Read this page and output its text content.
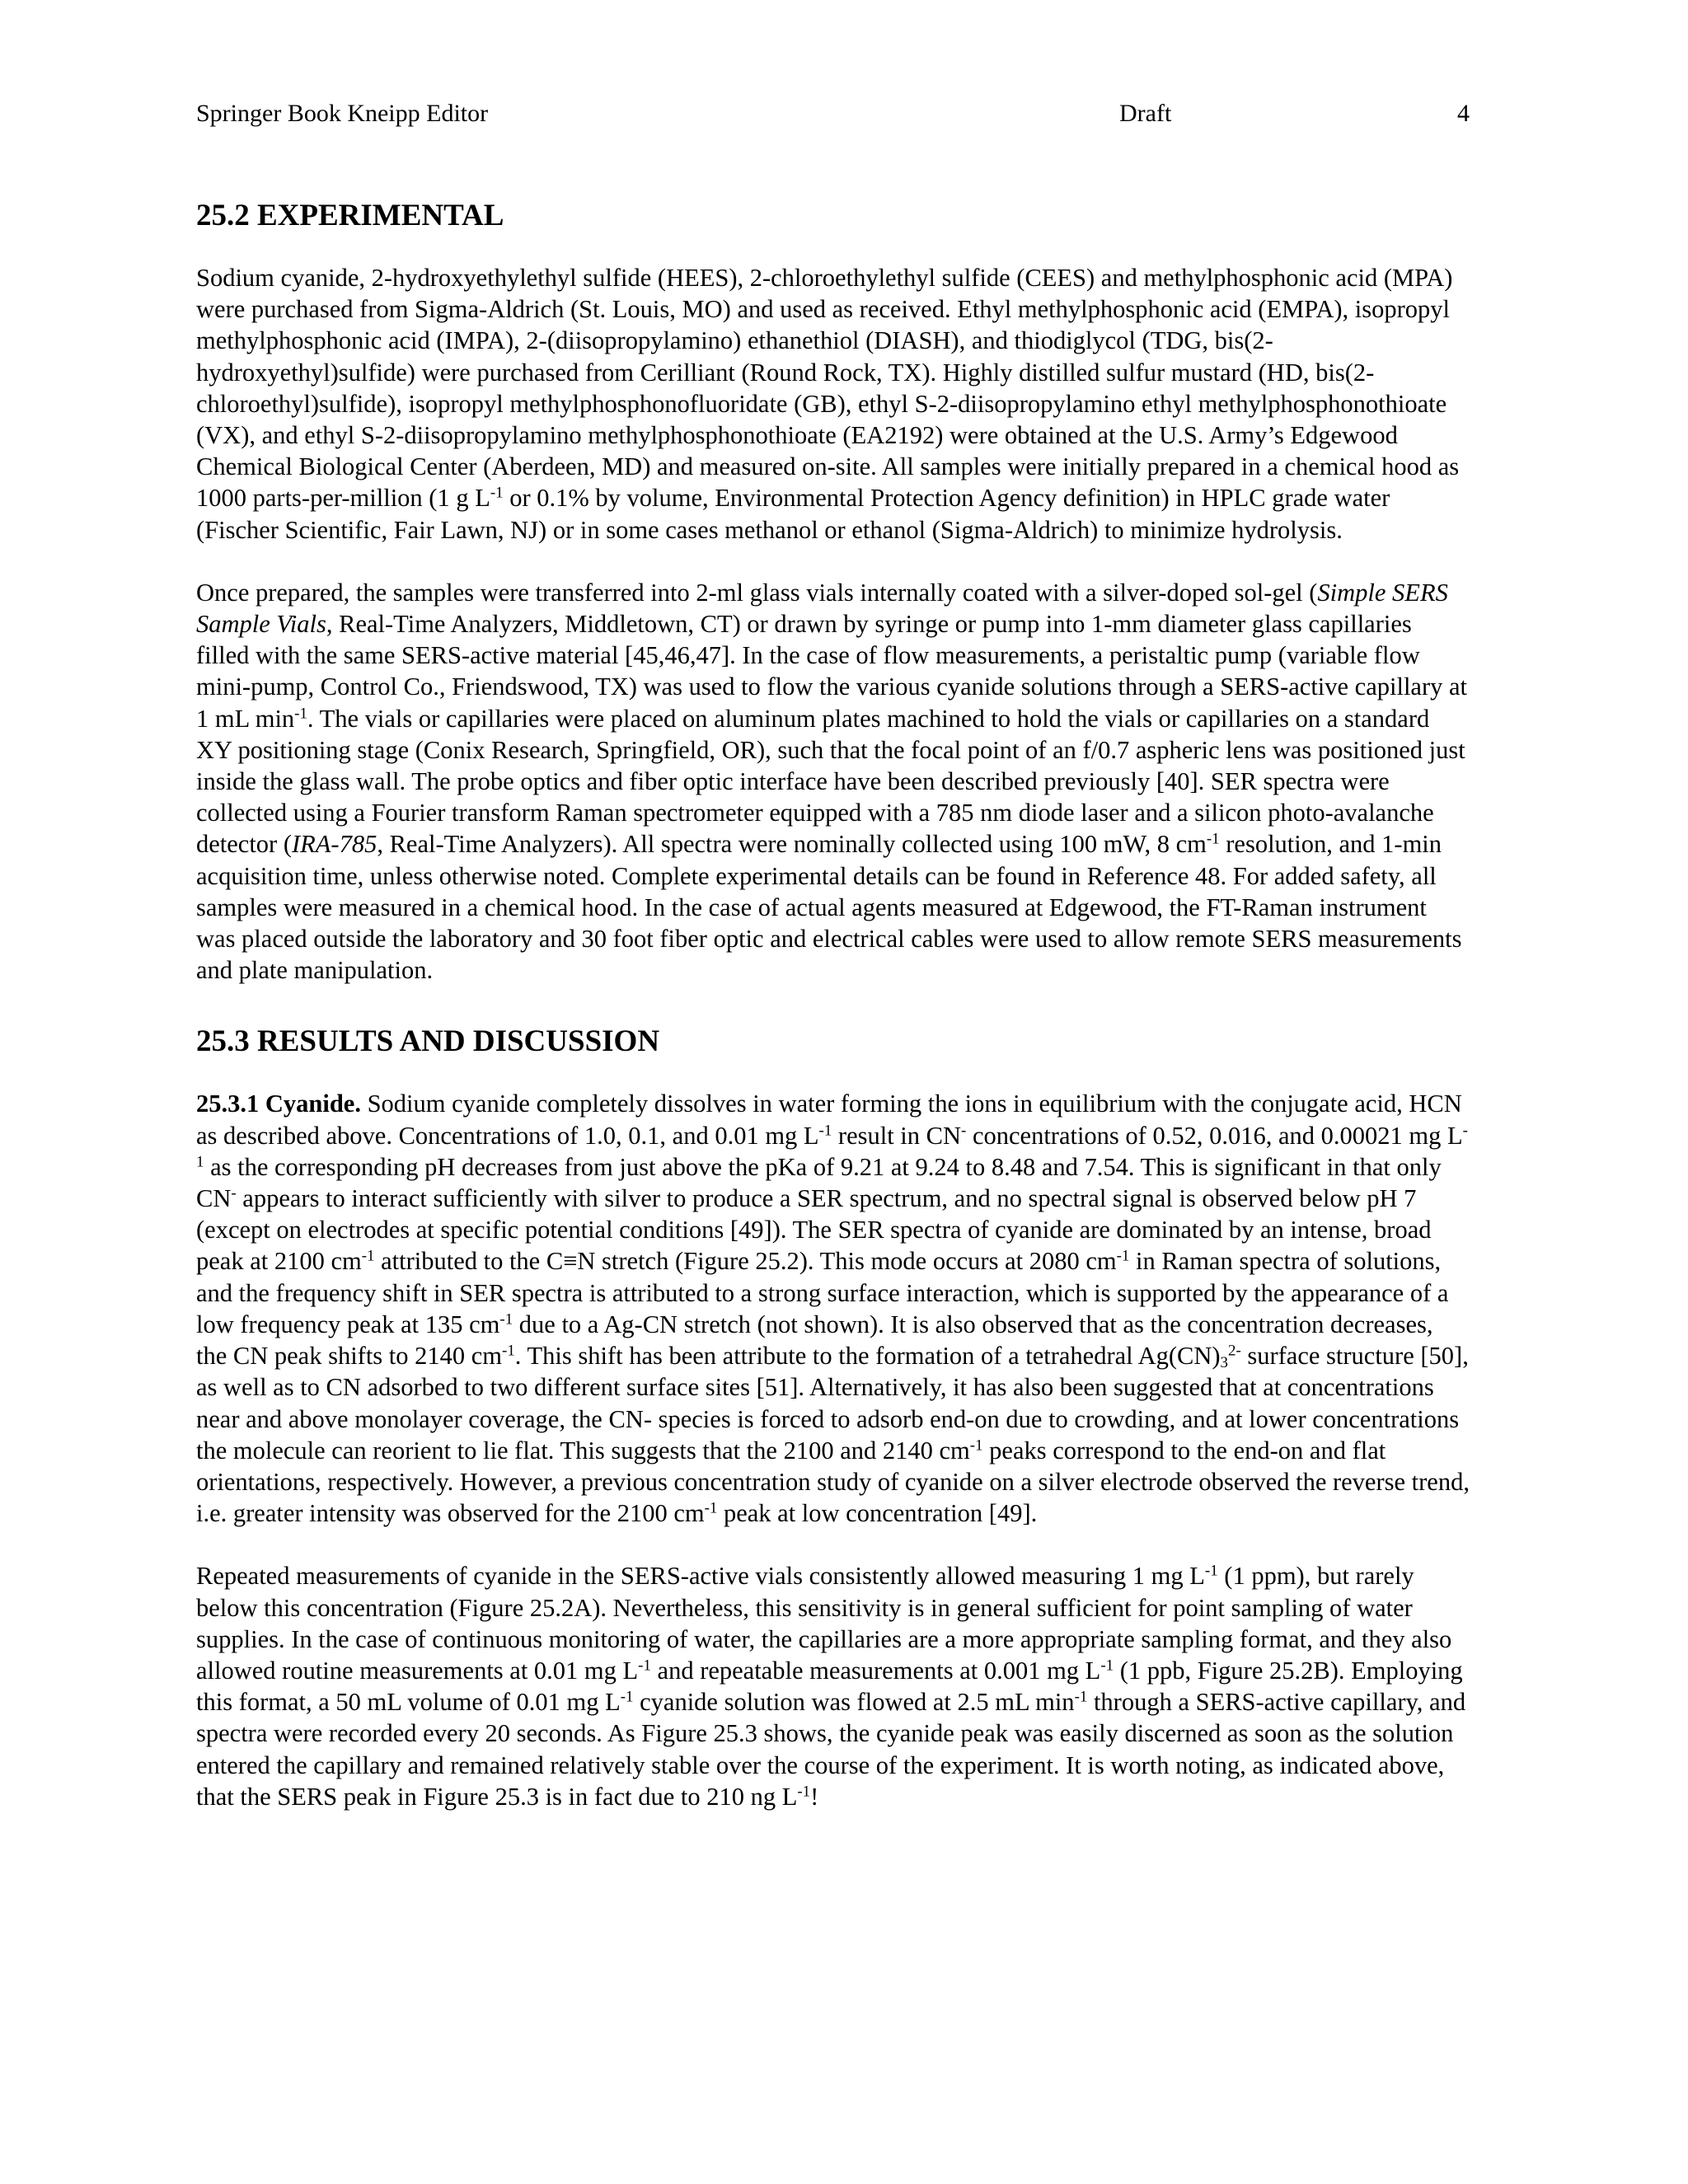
Springer Book Kneipp Editor	Draft	4
25.2 EXPERIMENTAL

Sodium cyanide, 2-hydroxyethylethyl sulfide (HEES), 2-chloroethylethyl sulfide (CEES) and methylphosphonic acid (MPA) were purchased from Sigma-Aldrich (St. Louis, MO) and used as received. Ethyl methylphosphonic acid (EMPA), isopropyl methylphosphonic acid (IMPA), 2-(diisopropylamino) ethanethiol (DIASH), and thiodiglycol (TDG, bis(2-hydroxyethyl)sulfide) were purchased from Cerilliant (Round Rock, TX). Highly distilled sulfur mustard (HD, bis(2-chloroethyl)sulfide), isopropyl methylphosphonofluoridate (GB), ethyl S-2-diisopropylamino ethyl methylphosphonothioate (VX), and ethyl S-2-diisopropylamino methylphosphonothioate (EA2192) were obtained at the U.S. Army’s Edgewood Chemical Biological Center (Aberdeen, MD) and measured on-site. All samples were initially prepared in a chemical hood as 1000 parts-per-million (1 g $L^{-1}$ or 0.1% by volume, Environmental Protection Agency definition) in HPLC grade water (Fischer Scientific, Fair Lawn, NJ) or in some cases methanol or ethanol (Sigma-Aldrich) to minimize hydrolysis.

Once prepared, the samples were transferred into 2-ml glass vials internally coated with a silver-doped sol-gel (Simple SERS Sample Vials, Real-Time Analyzers, Middletown, CT) or drawn by syringe or pump into 1-mm diameter glass capillaries filled with the same SERS-active material [45,46,47]. In the case of flow measurements, a peristaltic pump (variable flow mini-pump, Control Co., Friendswood, TX) was used to flow the various cyanide solutions through a SERS-active capillary at 1 mL $\min^{-1}$. The vials or capillaries were placed on aluminum plates machined to hold the vials or capillaries on a standard XY positioning stage (Conix Research, Springfield, OR), such that the focal point of an f/0.7 aspheric lens was positioned just inside the glass wall. The probe optics and fiber optic interface have been described previously [40]. SER spectra were collected using a Fourier transform Raman spectrometer equipped with a 785 nm diode laser and a silicon photo-avalanche detector (IRA-785, Real-Time Analyzers). All spectra were nominally collected using 100 mW, 8 $cm^{-1}$ resolution, and 1-min acquisition time, unless otherwise noted. Complete experimental details can be found in Reference 48. For added safety, all samples were measured in a chemical hood. In the case of actual agents measured at Edgewood, the FT-Raman instrument was placed outside the laboratory and 30 foot fiber optic and electrical cables were used to allow remote SERS measurements and plate manipulation.

25.3 RESULTS AND DISCUSSION

25.3.1 Cyanide. Sodium cyanide completely dissolves in water forming the ions in equilibrium with the conjugate acid, HCN as described above. Concentrations of 1.0, 0.1, and 0.01 mg $L^{-1}$ result in CN- concentrations of 0.52, 0.016, and 0.00021 mg $L^{-1}$ as the corresponding pH decreases from just above the pKa of 9.21 at 9.24 to 8.48 and 7.54. This is significant in that only CN- appears to interact sufficiently with silver to produce a SER spectrum, and no spectral signal is observed below pH 7 (except on electrodes at specific potential conditions [49]). The SER spectra of cyanide are dominated by an intense, broad peak at 2100 $cm^{-1}$ attributed to the C≡N stretch (Figure 25.2). This mode occurs at 2080 $cm^{-1}$ in Raman spectra of solutions, and the frequency shift in SER spectra is attributed to a strong surface interaction, which is supported by the appearance of a low frequency peak at 135 $cm^{-1}$ due to a Ag-CN stretch (not shown). It is also observed that as the concentration decreases, the CN peak shifts to 2140 $cm^{-1}$. This shift has been attribute to the formation of a tetrahedral $Ag(CN)_3^{2-}$ surface structure [50], as well as to CN adsorbed to two different surface sites [51]. Alternatively, it has also been suggested that at concentrations near and above monolayer coverage, the CN- species is forced to adsorb end-on due to crowding, and at lower concentrations the molecule can reorient to lie flat. This suggests that the 2100 and 2140 $cm^{-1}$ peaks correspond to the end-on and flat orientations, respectively. However, a previous concentration study of cyanide on a silver electrode observed the reverse trend, i.e. greater intensity was observed for the 2100 $cm^{-1}$ peak at low concentration [49].

Repeated measurements of cyanide in the SERS-active vials consistently allowed measuring 1 mg $L^{-1}$ (1 ppm), but rarely below this concentration (Figure 25.2A). Nevertheless, this sensitivity is in general sufficient for point sampling of water supplies. In the case of continuous monitoring of water, the capillaries are a more appropriate sampling format, and they also allowed routine measurements at 0.01 mg $L^{-1}$ and repeatable measurements at 0.001 mg $L^{-1}$ (1 ppb, Figure 25.2B). Employing this format, a 50 mL volume of 0.01 mg $L^{-1}$ cyanide solution was flowed at 2.5 mL $\min^{-1}$ through a SERS-active capillary, and spectra were recorded every 20 seconds. As Figure 25.3 shows, the cyanide peak was easily discerned as soon as the solution entered the capillary and remained relatively stable over the course of the experiment. It is worth noting, as indicated above, that the SERS peak in Figure 25.3 is in fact due to 210 ng $L^{-1}$!
